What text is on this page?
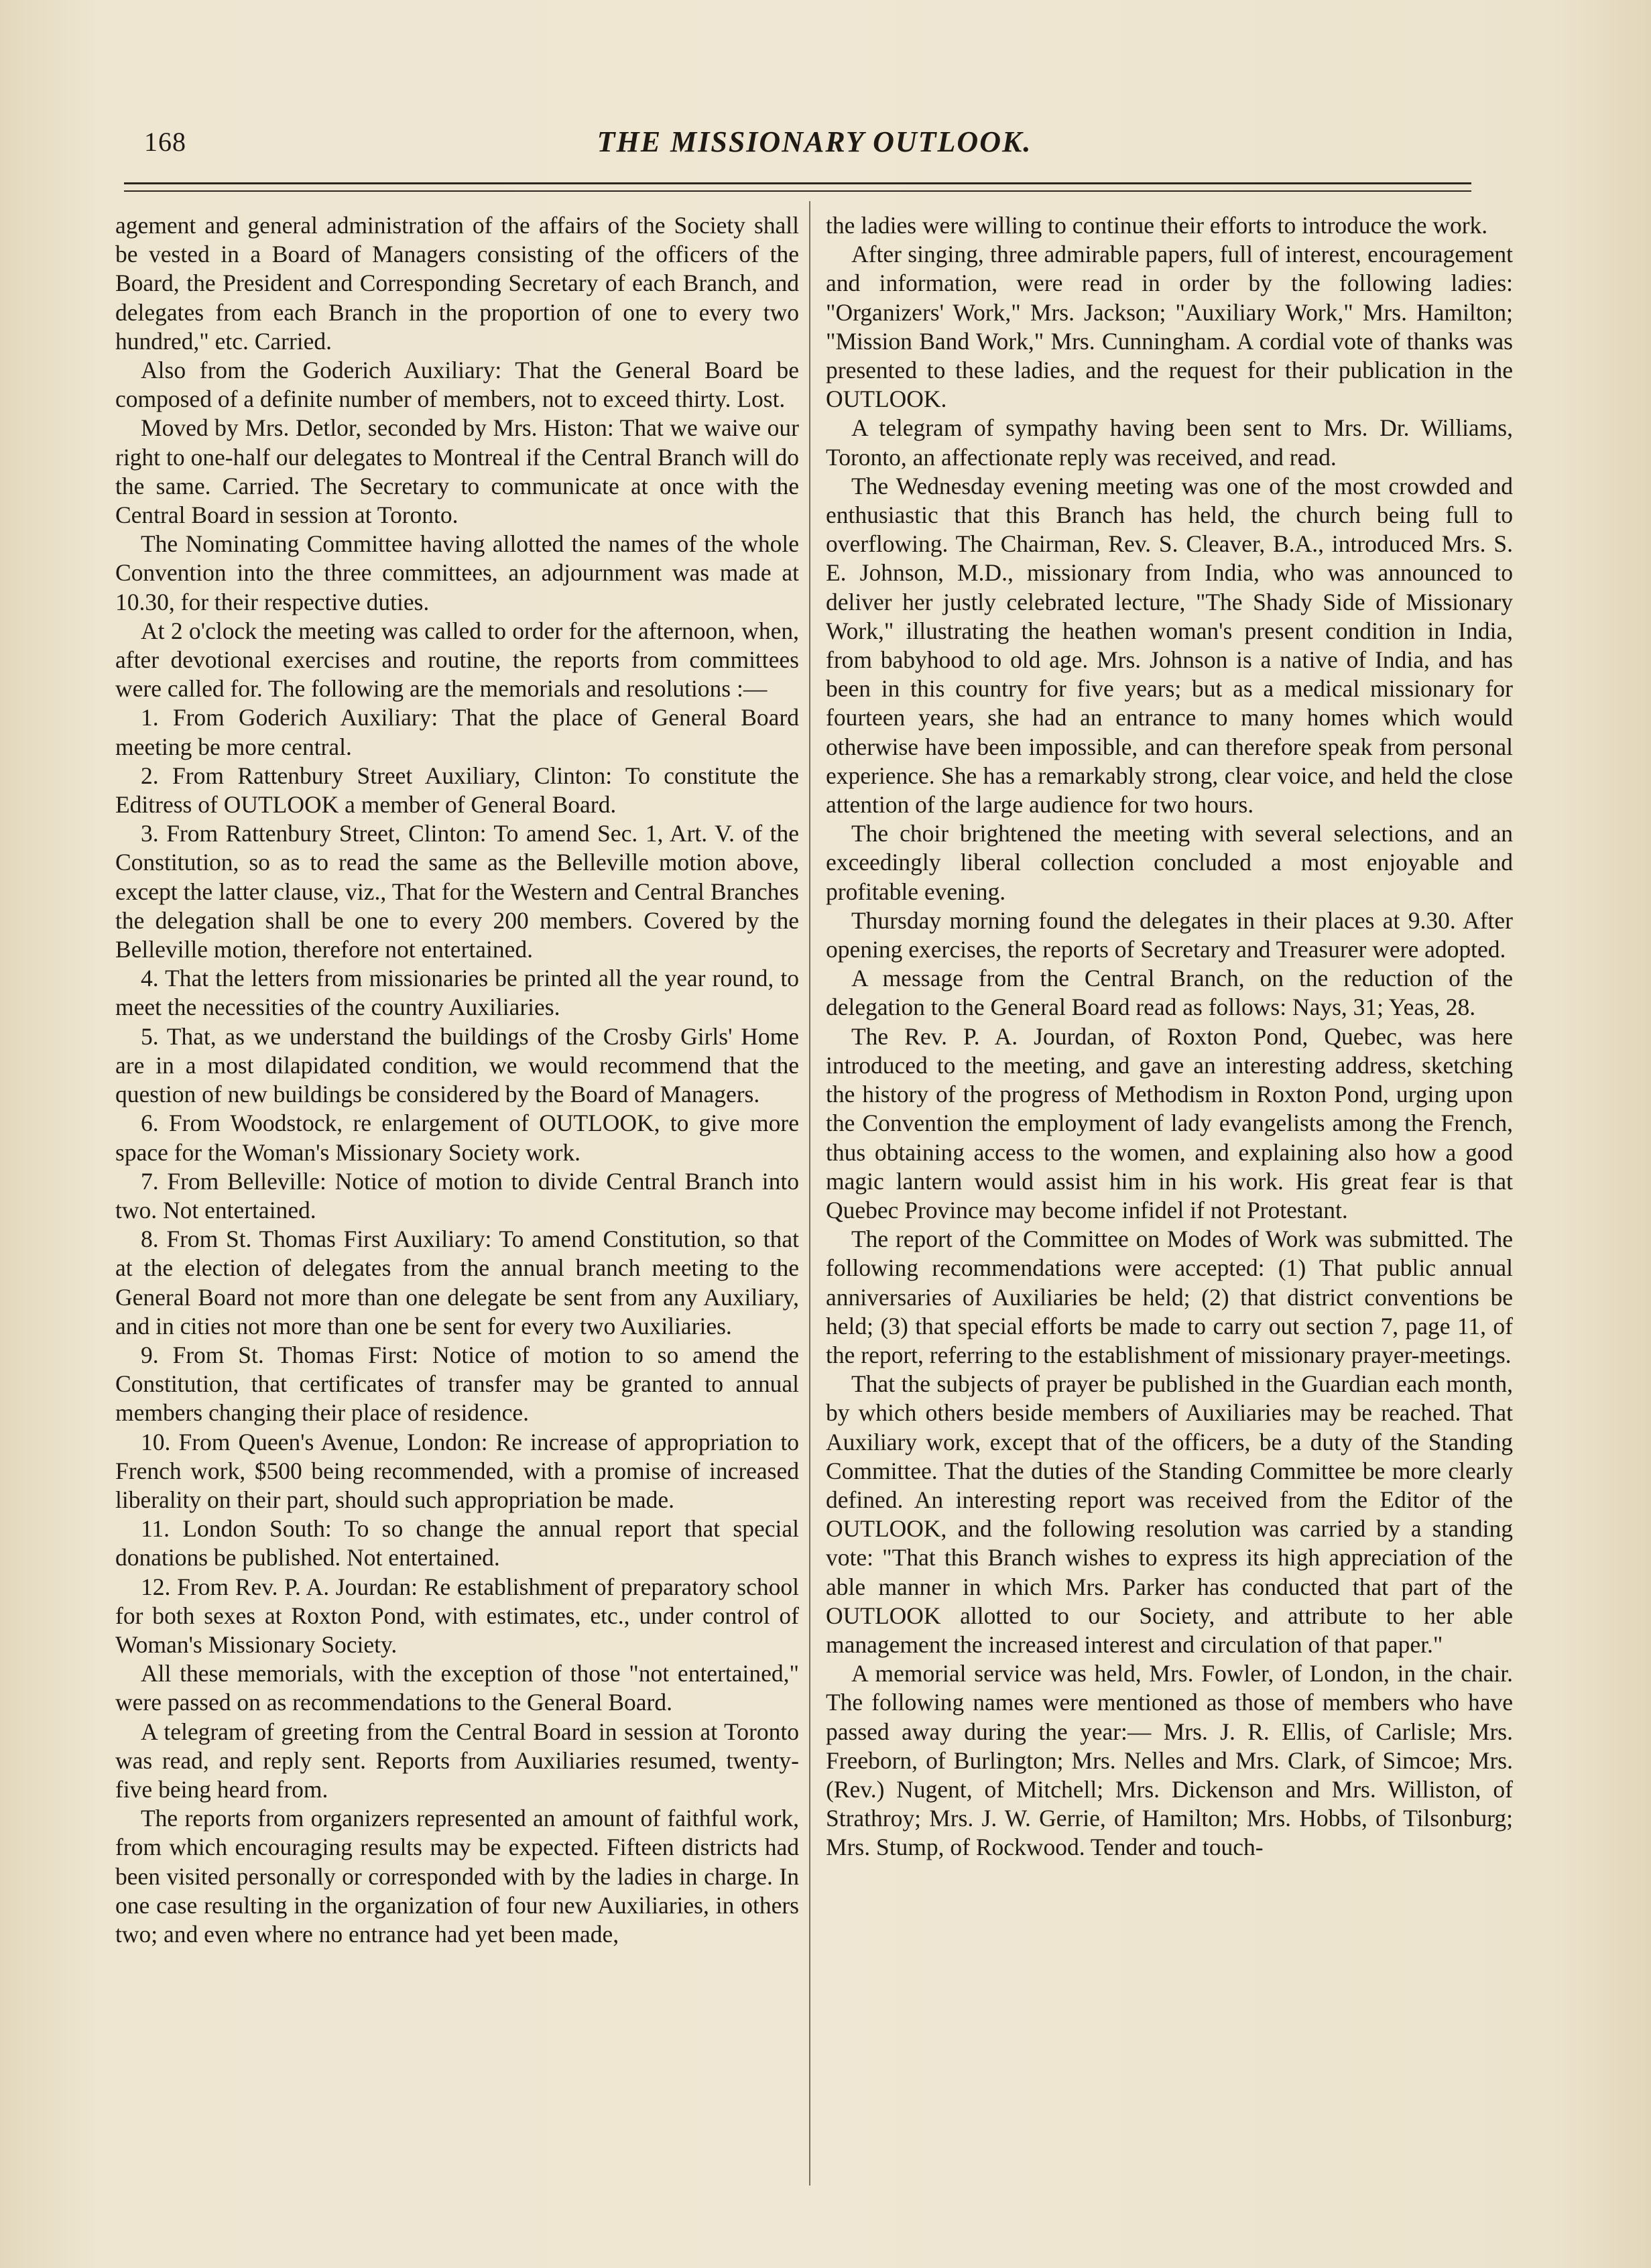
168	THE MISSIONARY OUTLOOK.

agement and general administration of the affairs of the Society shall be vested in a Board of Managers consisting of the officers of the Board, the President and Corresponding Secretary of each Branch, and delegates from each Branch in the proportion of one to every two hundred," etc. Carried.

Also from the Goderich Auxiliary: That the General Board be composed of a definite number of members, not to exceed thirty. Lost.

Moved by Mrs. Detlor, seconded by Mrs. Histon: That we waive our right to one-half our delegates to Montreal if the Central Branch will do the same. Carried. The Secretary to communicate at once with the Central Board in session at Toronto.

The Nominating Committee having allotted the names of the whole Convention into the three committees, an adjournment was made at 10.30, for their respective duties.

At 2 o'clock the meeting was called to order for the afternoon, when, after devotional exercises and routine, the reports from committees were called for. The following are the memorials and resolutions :—

1. From Goderich Auxiliary: That the place of General Board meeting be more central.

2. From Rattenbury Street Auxiliary, Clinton: To constitute the Editress of OUTLOOK a member of General Board.

3. From Rattenbury Street, Clinton: To amend Sec. 1, Art. V. of the Constitution, so as to read the same as the Belleville motion above, except the latter clause, viz., That for the Western and Central Branches the delegation shall be one to every 200 members. Covered by the Belleville motion, therefore not entertained.

4. That the letters from missionaries be printed all the year round, to meet the necessities of the country Auxiliaries.

5. That, as we understand the buildings of the Crosby Girls' Home are in a most dilapidated condition, we would recommend that the question of new buildings be considered by the Board of Managers.

6. From Woodstock, re enlargement of OUTLOOK, to give more space for the Woman's Missionary Society work.

7. From Belleville: Notice of motion to divide Central Branch into two. Not entertained.

8. From St. Thomas First Auxiliary: To amend Constitution, so that at the election of delegates from the annual branch meeting to the General Board not more than one delegate be sent from any Auxiliary, and in cities not more than one be sent for every two Auxiliaries.

9. From St. Thomas First: Notice of motion to so amend the Constitution, that certificates of transfer may be granted to annual members changing their place of residence.

10. From Queen's Avenue, London: Re increase of appropriation to French work, $500 being recommended, with a promise of increased liberality on their part, should such appropriation be made.

11. London South: To so change the annual report that special donations be published. Not entertained.

12. From Rev. P. A. Jourdan: Re establishment of preparatory school for both sexes at Roxton Pond, with estimates, etc., under control of Woman's Missionary Society.

All these memorials, with the exception of those "not entertained," were passed on as recommendations to the General Board.

A telegram of greeting from the Central Board in session at Toronto was read, and reply sent. Reports from Auxiliaries resumed, twenty-five being heard from.

The reports from organizers represented an amount of faithful work, from which encouraging results may be expected. Fifteen districts had been visited personally or corresponded with by the ladies in charge. In one case resulting in the organization of four new Auxiliaries, in others two; and even where no entrance had yet been made,

the ladies were willing to continue their efforts to introduce the work.

After singing, three admirable papers, full of interest, encouragement and information, were read in order by the following ladies: "Organizers' Work," Mrs. Jackson; "Auxiliary Work," Mrs. Hamilton; "Mission Band Work," Mrs. Cunningham. A cordial vote of thanks was presented to these ladies, and the request for their publication in the OUTLOOK.

A telegram of sympathy having been sent to Mrs. Dr. Williams, Toronto, an affectionate reply was received, and read.

The Wednesday evening meeting was one of the most crowded and enthusiastic that this Branch has held, the church being full to overflowing. The Chairman, Rev. S. Cleaver, B.A., introduced Mrs. S. E. Johnson, M.D., missionary from India, who was announced to deliver her justly celebrated lecture, "The Shady Side of Missionary Work," illustrating the heathen woman's present condition in India, from babyhood to old age. Mrs. Johnson is a native of India, and has been in this country for five years; but as a medical missionary for fourteen years, she had an entrance to many homes which would otherwise have been impossible, and can therefore speak from personal experience. She has a remarkably strong, clear voice, and held the close attention of the large audience for two hours.

The choir brightened the meeting with several selections, and an exceedingly liberal collection concluded a most enjoyable and profitable evening.

Thursday morning found the delegates in their places at 9.30. After opening exercises, the reports of Secretary and Treasurer were adopted.

A message from the Central Branch, on the reduction of the delegation to the General Board read as follows: Nays, 31; Yeas, 28.

The Rev. P. A. Jourdan, of Roxton Pond, Quebec, was here introduced to the meeting, and gave an interesting address, sketching the history of the progress of Methodism in Roxton Pond, urging upon the Convention the employment of lady evangelists among the French, thus obtaining access to the women, and explaining also how a good magic lantern would assist him in his work. His great fear is that Quebec Province may become infidel if not Protestant.

The report of the Committee on Modes of Work was submitted. The following recommendations were accepted: (1) That public annual anniversaries of Auxiliaries be held; (2) that district conventions be held; (3) that special efforts be made to carry out section 7, page 11, of the report, referring to the establishment of missionary prayer-meetings.

That the subjects of prayer be published in the Guardian each month, by which others beside members of Auxiliaries may be reached. That Auxiliary work, except that of the officers, be a duty of the Standing Committee. That the duties of the Standing Committee be more clearly defined. An interesting report was received from the Editor of the OUTLOOK, and the following resolution was carried by a standing vote: "That this Branch wishes to express its high appreciation of the able manner in which Mrs. Parker has conducted that part of the OUTLOOK allotted to our Society, and attribute to her able management the increased interest and circulation of that paper."

A memorial service was held, Mrs. Fowler, of London, in the chair. The following names were mentioned as those of members who have passed away during the year:— Mrs. J. R. Ellis, of Carlisle; Mrs. Freeborn, of Burlington; Mrs. Nelles and Mrs. Clark, of Simcoe; Mrs. (Rev.) Nugent, of Mitchell; Mrs. Dickenson and Mrs. Williston, of Strathroy; Mrs. J. W. Gerrie, of Hamilton; Mrs. Hobbs, of Tilsonburg; Mrs. Stump, of Rockwood. Tender and touch-
